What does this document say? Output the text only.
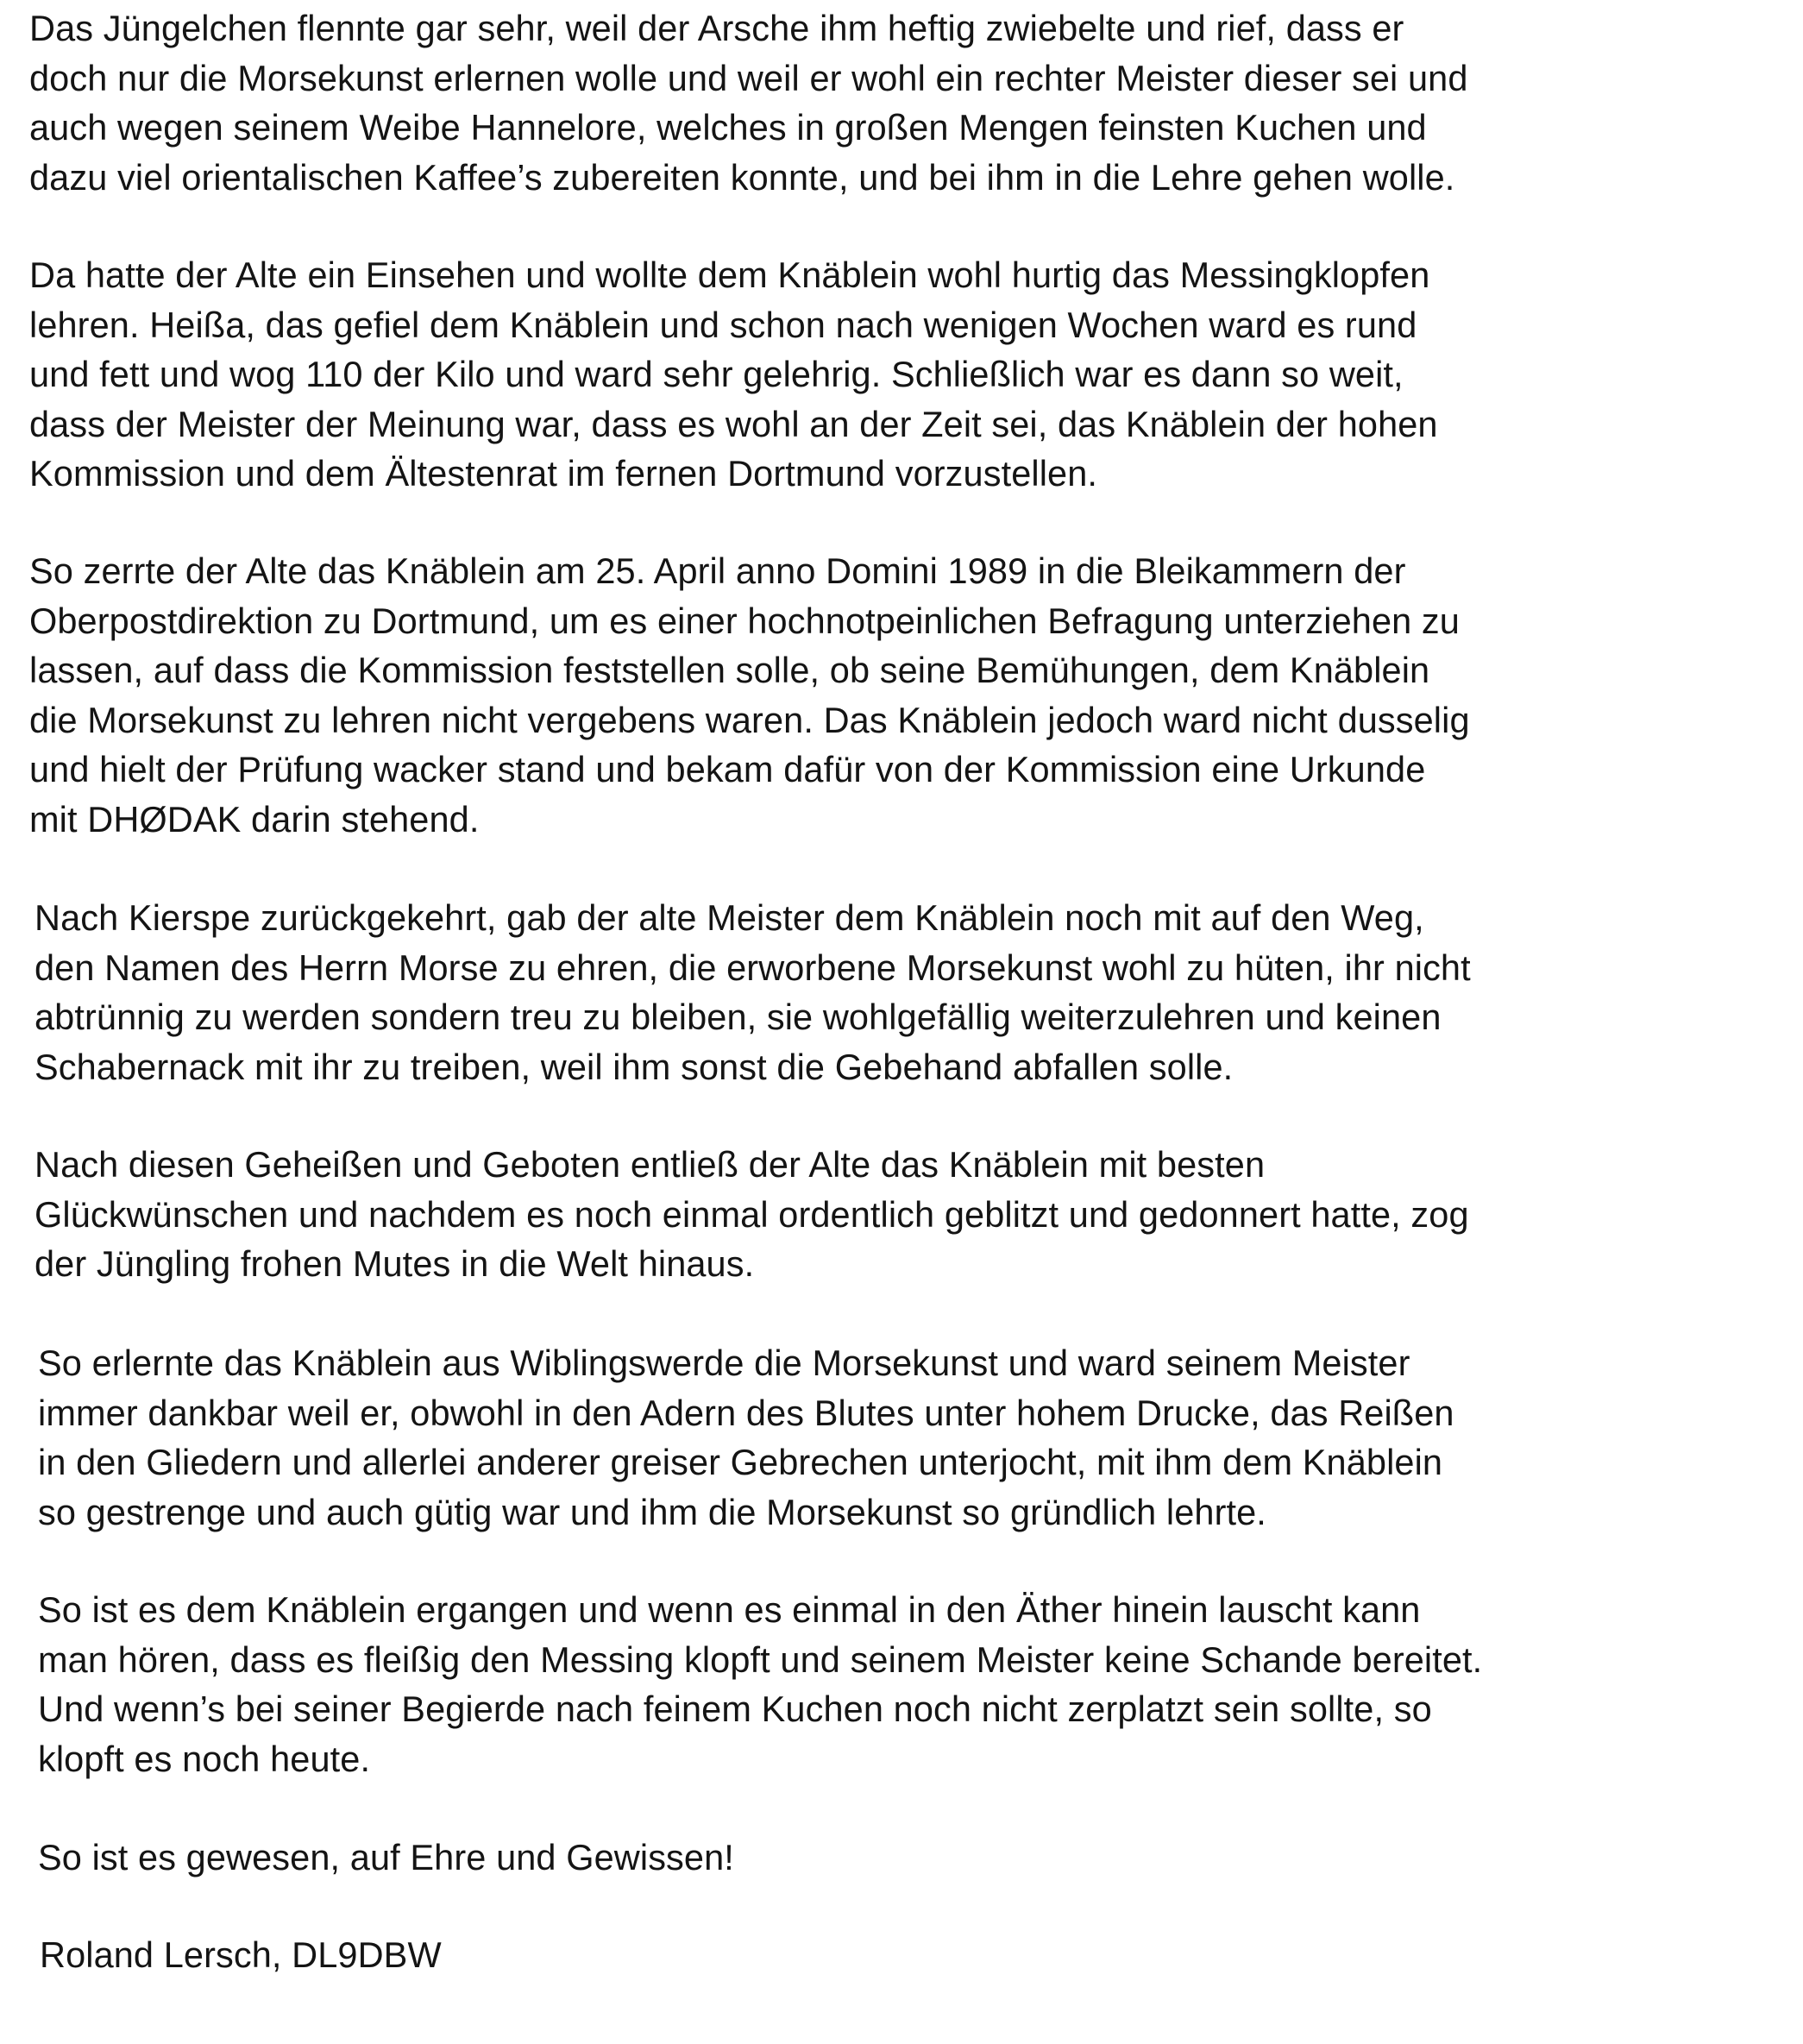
Das Jüngelchen flennte gar sehr, weil der Arsche ihm heftig zwiebelte und rief, dass er
doch nur die Morsekunst erlernen wolle und weil er wohl ein rechter Meister dieser sei und
auch wegen seinem Weibe Hannelore, welches in großen Mengen feinsten Kuchen und
dazu viel orientalischen Kaffee’s zubereiten konnte, und bei ihm in die Lehre gehen wolle.

Da hatte der Alte ein Einsehen und wollte dem Knäblein wohl hurtig das Messingklopfen
lehren. Heißa, das gefiel dem Knäblein und schon nach wenigen Wochen ward es rund
und fett und wog 110 der Kilo und ward sehr gelehrig. Schließlich war es dann so weit,
dass der Meister der Meinung war, dass es wohl an der Zeit sei, das Knäblein der hohen
Kommission und dem Ältestenrat im fernen Dortmund vorzustellen.

So zerrte der Alte das Knäblein am 25. April anno Domini 1989 in die Bleikammern der
Oberpostdirektion zu Dortmund, um es einer hochnotpeinlichen Befragung unterziehen zu
lassen, auf dass die Kommission feststellen solle, ob seine Bemühungen, dem Knäblein
die Morsekunst zu lehren nicht vergebens waren. Das Knäblein jedoch ward nicht dusselig
und hielt der Prüfung wacker stand und bekam dafür von der Kommission eine Urkunde
mit DHØDAK darin stehend.

Nach Kierspe zurückgekehrt, gab der alte Meister dem Knäblein noch mit auf den Weg,
den Namen des Herrn Morse zu ehren, die erworbene Morsekunst wohl zu hüten, ihr nicht
abtrünnig zu werden sondern treu zu bleiben, sie wohlgefällig weiterzulehren und keinen
Schabernack mit ihr zu treiben, weil ihm sonst die Gebehand abfallen solle.

Nach diesen Geheißen und Geboten entließ der Alte das Knäblein mit besten
Glückwünschen und nachdem es noch einmal ordentlich geblitzt und gedonnert hatte, zog
der Jüngling frohen Mutes in die Welt hinaus.

So erlernte das Knäblein aus Wiblingswerde die Morsekunst und ward seinem Meister
immer dankbar weil er, obwohl in den Adern des Blutes unter hohem Drucke, das Reißen
in den Gliedern und allerlei anderer greiser Gebrechen unterjocht, mit ihm dem Knäblein
so gestrenge und auch gütig war und ihm die Morsekunst so gründlich lehrte.

So ist es dem Knäblein ergangen und wenn es einmal in den Äther hinein lauscht kann
man hören, dass es fleißig den Messing klopft und seinem Meister keine Schande bereitet.
Und wenn’s bei seiner Begierde nach feinem Kuchen noch nicht zerplatzt sein sollte, so
klopft es noch heute.

So ist es gewesen, auf Ehre und Gewissen!

Roland Lersch, DL9DBW
